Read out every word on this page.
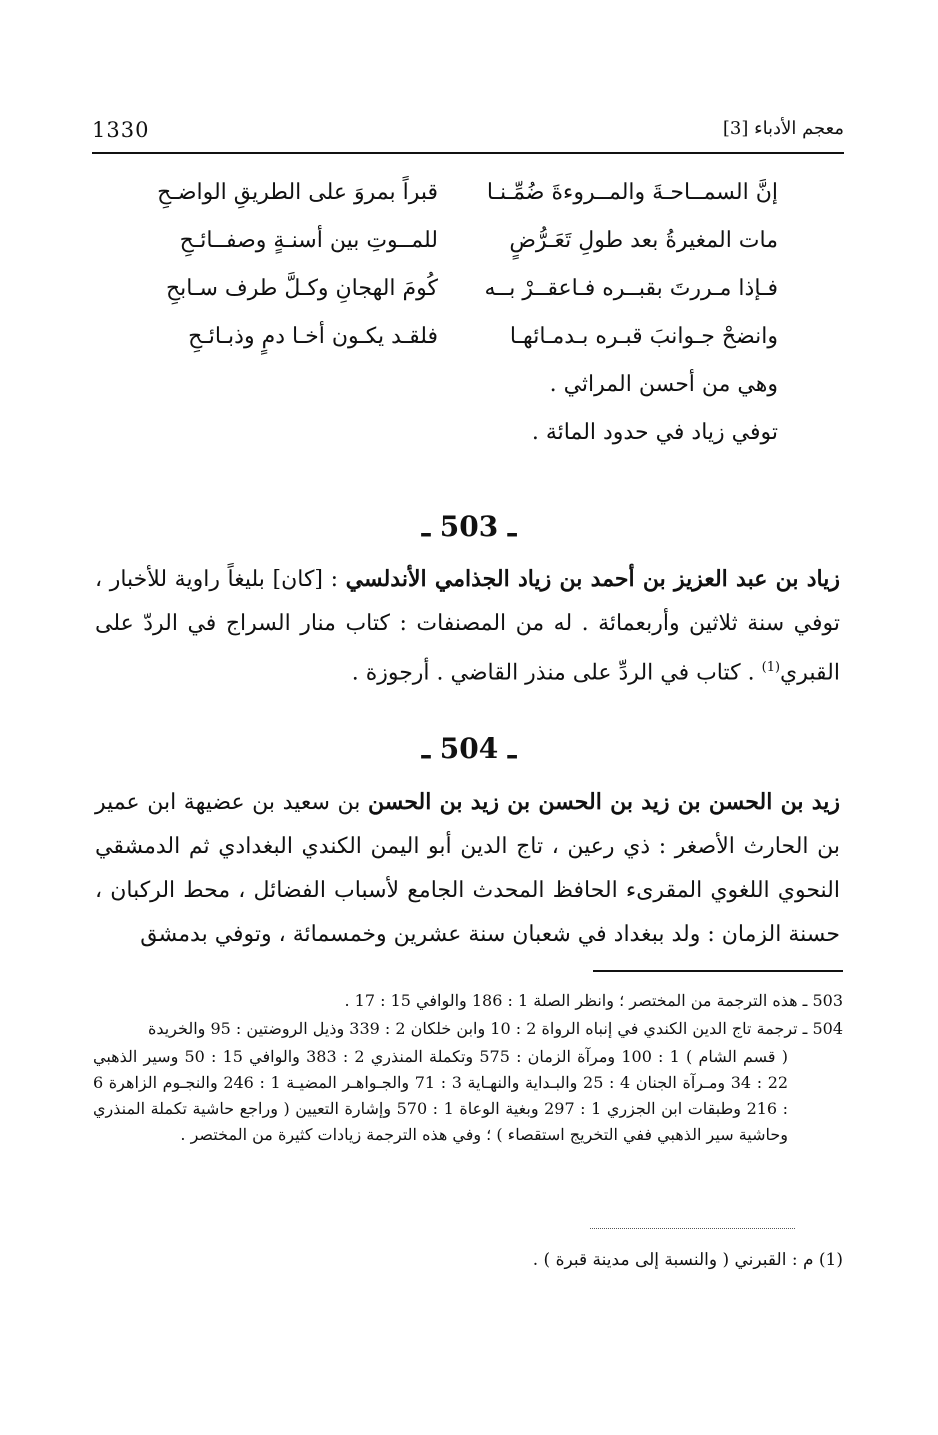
1330	معجم الأدباء [3]
إنَّ السمــاحـةَ والمــروءةَ ضُمِّـنـا
قبراً بمروَ على الطريقِ الواضـحِ
مات المغيرةُ بعد طولِ تَعَـرُّضٍ
للمــوتِ بين أسنـةٍ وصفــائـحِ
فـإذا مـررتَ بقبــره فـاعقــرْ بــه
كُومَ الهجانِ وكـلَّ طرف سـابحِ
وانضحْ جـوانبَ قبـره بـدمـائهـا
فلقـد يكـون أخـا دمٍ وذبـائـحِ
وهي من أحسن المراثي .
توفي زياد في حدود المائة .
ـ 503 ـ
زياد بن عبد العزيز بن أحمد بن زياد الجذامي الأندلسي : [كان] بليغاً راوية للأخبار ، توفي سنة ثلاثين وأربعمائة . له من المصنفات : كتاب منار السراج في الردّ على القبري$^{(1)}$ . كتاب في الردِّ على منذر القاضي . أرجوزة .
ـ 504 ـ
زيد بن الحسن بن زيد بن الحسن بن زيد بن الحسن بن سعيد بن عضيهة ابن عمير بن الحارث الأصغر : ذي رعين ، تاج الدين أبو اليمن الكندي البغدادي ثم الدمشقي النحوي اللغوي المقرىء الحافظ المحدث الجامع لأسباب الفضائل ، محط الركبان ، حسنة الزمان : ولد ببغداد في شعبان سنة عشرين وخمسمائة ، وتوفي بدمشق
503 ـ هذه الترجمة من المختصر ؛ وانظر الصلة 1 : 186 والوافي 15 : 17 .
504 ـ ترجمة تاج الدين الكندي في إنباه الرواة 2 : 10 وابن خلكان 2 : 339 وذيل الروضتين : 95 والخريدة
( قسم الشام ) 1 : 100 ومرآة الزمان : 575 وتكملة المنذري 2 : 383 والوافي 15 : 50 وسير الذهبي 22 : 34 ومـرآة الجنان 4 : 25 والبـداية والنهـاية 3 : 71 والجـواهـر المضيـة 1 : 246 والنجـوم الزاهرة 6 : 216 وطبقات ابن الجزري 1 : 297 وبغية الوعاة 1 : 570 وإشارة التعيين ( وراجع حاشية تكملة المنذري وحاشية سير الذهبي ففي التخريج استقصاء ) ؛ وفي هذه الترجمة زيادات كثيرة من المختصر .
(1) م : القبرني ( والنسبة إلى مدينة قبرة ) .
